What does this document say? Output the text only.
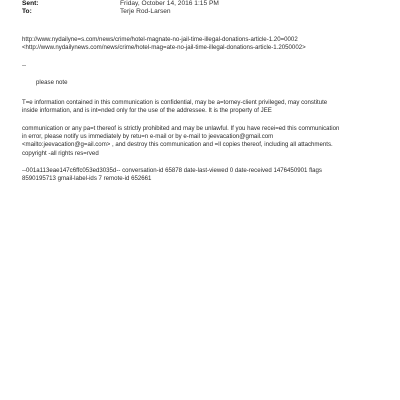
Sent:	Friday, October 14, 2016 1:15 PM
To:	Terje Rod-Larsen
http://www.nydailyne=s.com/news/crime/hotel-magnate-no-jail-time-illegal-donations-article-1.20=0002
<http://www.nydailynews.com/news/crime/hotel-mag=ate-no-jail-time-illegal-donations-article-1.2050002>
--
please note
T=e information contained in this communication is confidential, may be a=torney-client privileged, may constitute
inside information, and is int=nded only for the use of the addressee. It is the property of JEE
communication or any pa=t thereof is strictly prohibited and may be unlawful. If you have recei=ed this communication
in error, please notify us immediately by retu=n e-mail or by e-mail to jeevacation@gmail.com
<mailto:jeevacation@g=ail.com> , and destroy this communication and =ll copies thereof, including all attachments.
copyright -all rights res=rved
--001a113eae147c6ffc053ed3035d-- conversation-id 65878 date-last-viewed 0 date-received 1476450901 flags
8590195713 gmail-label-ids 7 remote-id 652661
